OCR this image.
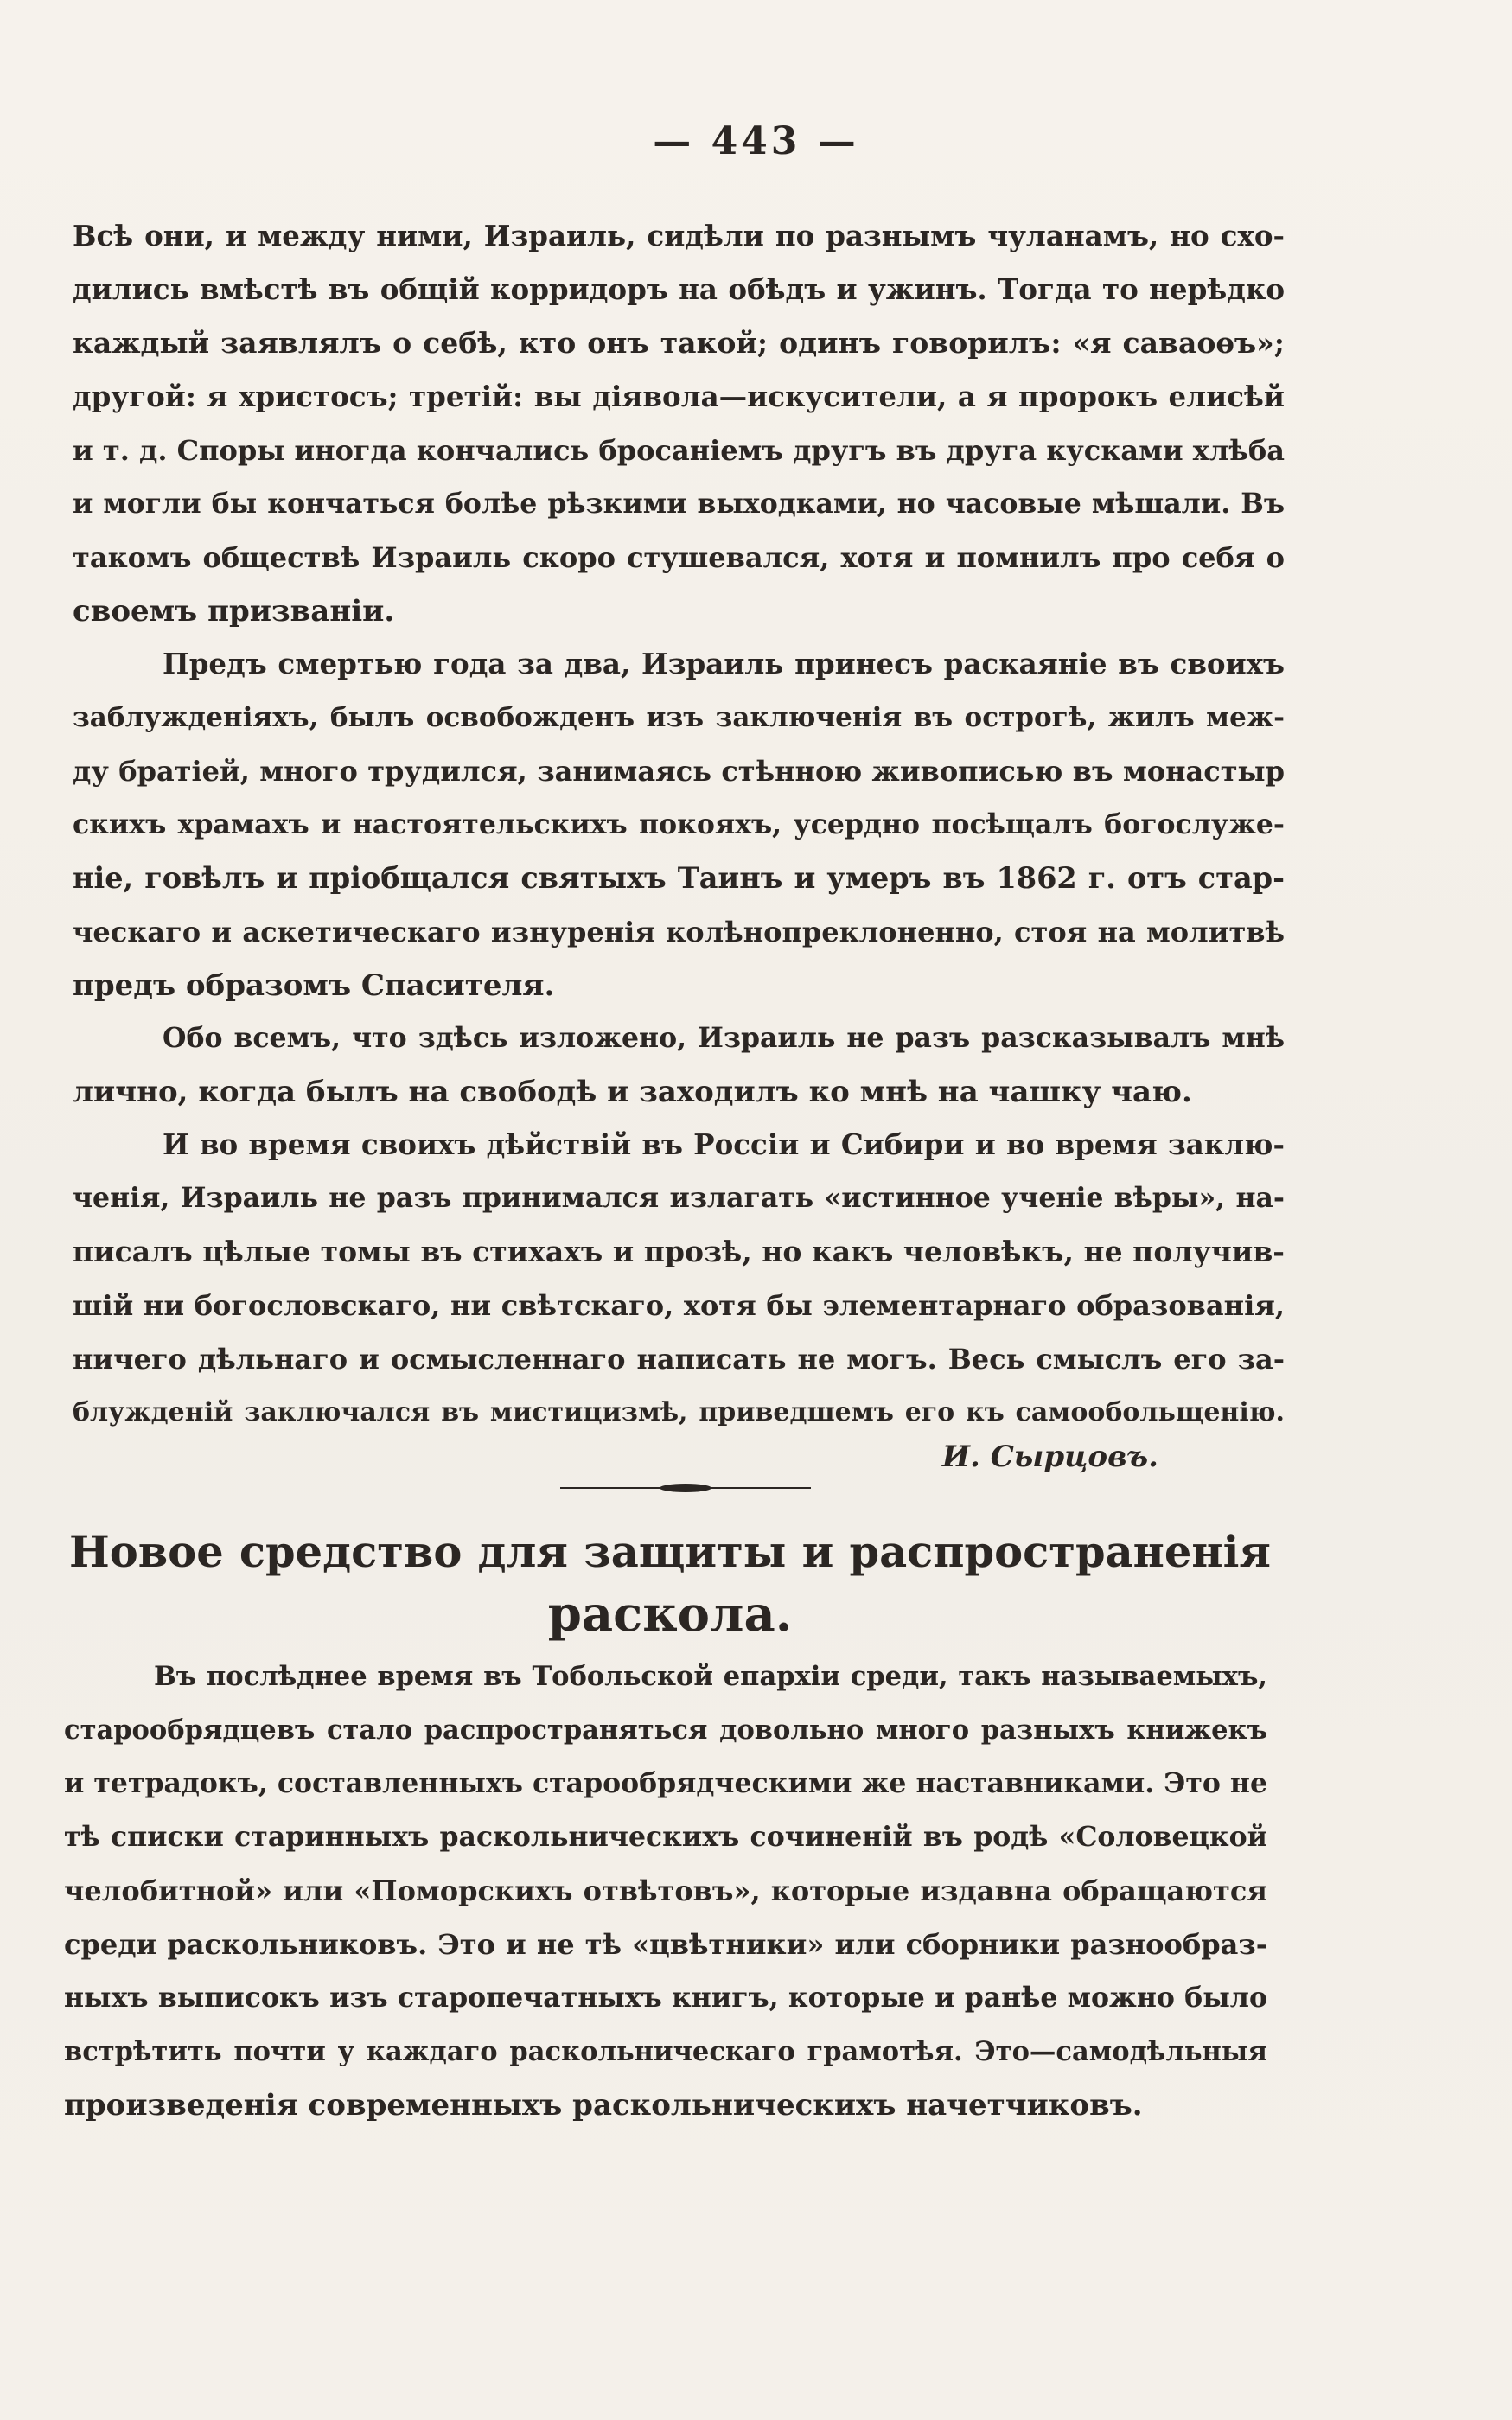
— 443 —
Всѣ они, и между ними, Израиль, сидѣли по разнымъ чуланамъ, но схо-
дились вмѣстѣ въ общій корридоръ на обѣдъ и ужинъ. Тогда то нерѣдко
каждый заявлялъ о себѣ, кто онъ такой; одинъ говорилъ: «я саваоѳъ»;
другой: я христосъ; третій: вы діявола—искусители, а я пророкъ елисѣй
и т. д. Споры иногда кончались бросаніемъ другъ въ друга кусками хлѣба
и могли бы кончаться болѣе рѣзкими выходками, но часовые мѣшали. Въ
такомъ обществѣ Израиль скоро стушевался, хотя и помнилъ про себя о
своемъ призваніи.
Предъ смертью года за два, Израиль принесъ раскаяніе въ своихъ
заблужденіяхъ, былъ освобожденъ изъ заключенія въ острогѣ, жилъ меж-
ду братіей, много трудился, занимаясь стѣнною живописью въ монастыр
скихъ храмахъ и настоятельскихъ покояхъ, усердно посѣщалъ богослуже-
ніе, говѣлъ и пріобщался святыхъ Таинъ и умеръ въ 1862 г. отъ стар-
ческаго и аскетическаго изнуренія колѣнопреклоненно, стоя на молитвѣ
предъ образомъ Спасителя.
Обо всемъ, что здѣсь изложено, Израиль не разъ разсказывалъ мнѣ
лично, когда былъ на свободѣ и заходилъ ко мнѣ на чашку чаю.
И во время своихъ дѣйствій въ Россіи и Сибири и во время заклю-
ченія, Израиль не разъ принимался излагать «истинное ученіе вѣры», на-
писалъ цѣлые томы въ стихахъ и прозѣ, но какъ человѣкъ, не получив-
шій ни богословскаго, ни свѣтскаго, хотя бы элементарнаго образованія,
ничего дѣльнаго и осмысленнаго написать не могъ. Весь смыслъ его за-
блужденій заключался въ мистицизмѣ, приведшемъ его къ самообольщенію.
И. Сырцовъ.
Новое средство для защиты и распространенія
раскола.
Въ послѣднее время въ Тобольской епархіи среди, такъ называемыхъ,
старообрядцевъ стало распространяться довольно много разныхъ книжекъ
и тетрадокъ, составленныхъ старообрядческими же наставниками. Это не
тѣ списки старинныхъ раскольническихъ сочиненій въ родѣ «Соловецкой
челобитной» или «Поморскихъ отвѣтовъ», которые издавна обращаются
среди раскольниковъ. Это и не тѣ «цвѣтники» или сборники разнообраз-
ныхъ выписокъ изъ старопечатныхъ книгъ, которые и ранѣе можно было
встрѣтить почти у каждаго раскольническаго грамотѣя. Это—самодѣльныя
произведенія современныхъ раскольническихъ начетчиковъ.
